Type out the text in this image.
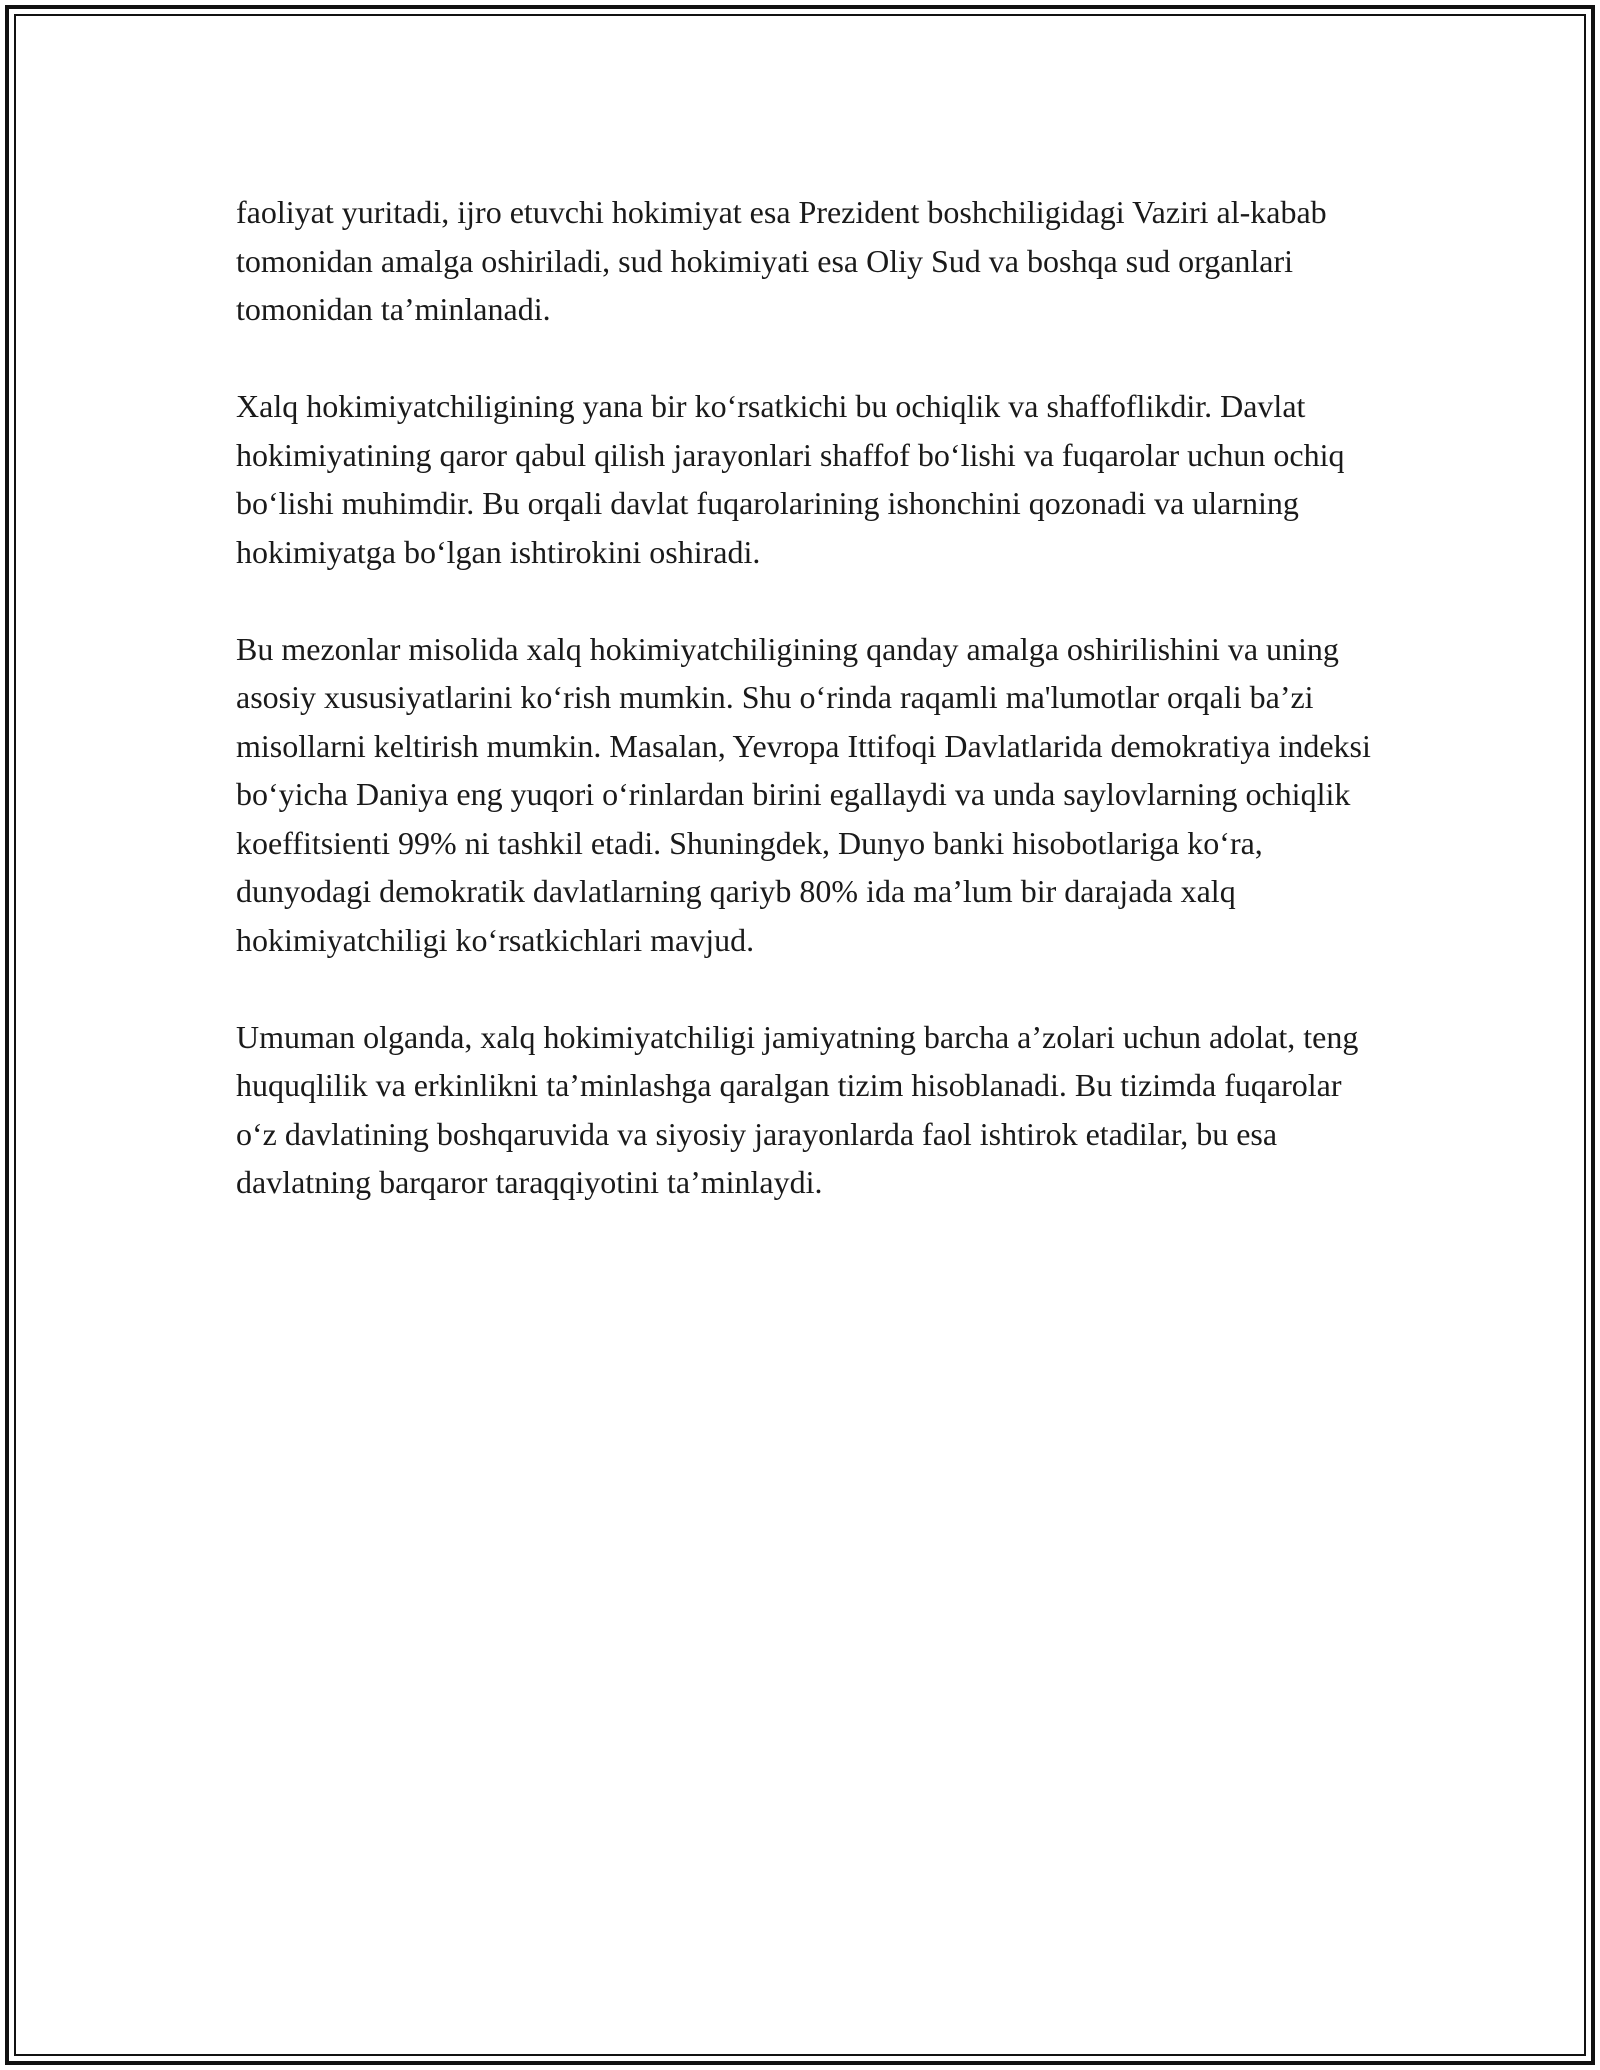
faoliyat yuritadi, ijro etuvchi hokimiyat esa Prezident boshchiligidagi Vaziri al-kabab tomonidan amalga oshiriladi, sud hokimiyati esa Oliy Sud va boshqa sud organlari tomonidan ta’minlanadi.

Xalq hokimiyatchiligining yana bir ko‘rsatkichi bu ochiqlik va shaffoflikdir. Davlat hokimiyatining qaror qabul qilish jarayonlari shaffof bo‘lishi va fuqarolar uchun ochiq bo‘lishi muhimdir. Bu orqali davlat fuqarolarining ishonchini qozonadi va ularning hokimiyatga bo‘lgan ishtirokini oshiradi.

Bu mezonlar misolida xalq hokimiyatchiligining qanday amalga oshirilishini va uning asosiy xususiyatlarini ko‘rish mumkin. Shu o‘rinda raqamli ma'lumotlar orqali ba’zi misollarni keltirish mumkin. Masalan, Yevropa Ittifoqi Davlatlarida demokratiya indeksi bo‘yicha Daniya eng yuqori o‘rinlardan birini egallaydi va unda saylovlarning ochiqlik koeffitsienti 99% ni tashkil etadi. Shuningdek, Dunyo banki hisobotlariga ko‘ra, dunyodagi demokratik davlatlarning qariyb 80% ida ma’lum bir darajada xalq hokimiyatchiligi ko‘rsatkichlari mavjud.

Umuman olganda, xalq hokimiyatchiligi jamiyatning barcha a’zolari uchun adolat, teng huquqlilik va erkinlikni ta’minlashga qaralgan tizim hisoblanadi. Bu tizimda fuqarolar o‘z davlatining boshqaruvida va siyosiy jarayonlarda faol ishtirok etadilar, bu esa davlatning barqaror taraqqiyotini ta’minlaydi.
